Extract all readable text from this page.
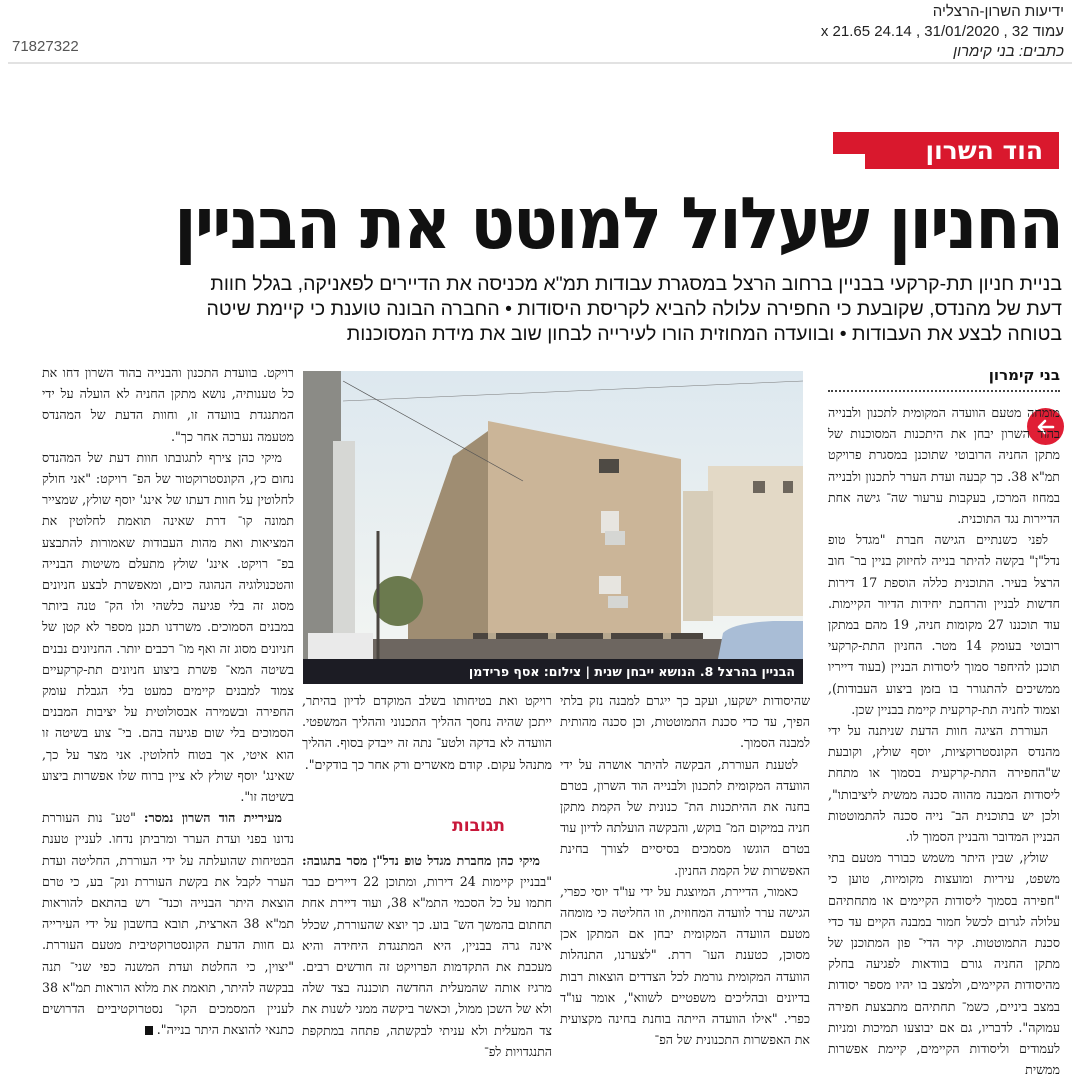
ידיעות השרון-הרצליה
עמוד 32 , 31/01/2020 , 24.14 x 21.65
כתבים: בני קימרון
71827322
הוד השרון
החניון שעלול למוטט את הבניין
בניית חניון תת-קרקעי בבניין ברחוב הרצל במסגרת עבודות תמ"א מכניסה את הדיירים לפאניקה, בגלל חוות דעת של מהנדס, שקובעת כי החפירה עלולה להביא לקריסת היסודות • החברה הבונה טוענת כי קיימת שיטה בטוחה לבצע את העבודות • ובוועדה המחוזית הורו לעירייה לבחון שוב את מידת המסוכנות
בני קימרון

מומחה מטעם הוועדה המקומית לתכנון ולבנייה בהוד השרון יבחן את היתכנות המסוכנות של מתקן החניה הרובוטי שתוכנן במסגרת פרויקט תמ"א 38. כך קבעה ועדת הערר לתכנון ולבנייה במחוז המרכז, בעקבות ערעור שה־ גישה אחת הדיירות נגד התוכנית.

לפני כשנתיים הגישה חברת "מגדל טופ נדל"ן" בקשה להיתר בנייה לחיזוק בניין בר־ חוב הרצל בעיר. התוכנית כללה הוספת 17 דירות חדשות לבניין והרחבת יחידות הדיור הקיימות. עוד תוכננו 27 מקומות חניה, 19 מהם במתקן רובוטי בעומק 14 מטר. החניון התת-קרקעי תוכנן להיחפר סמוך ליסודות הבניין (בעוד דייריו ממשיכים להתגורר בו בזמן ביצוע העבודות), וצמוד לחניה תת-קרקעית קיימת בבניין שכן.

העוררת הציגה חוות הדעת שניתנה על ידי מהנדס הקונסטרוקציות, יוסף שולץ, וקובעת ש"החפירה התת-קרקעית בסמוך או מתחת ליסודות המבנה מהווה סכנה ממשית ליציבותו", ולכן יש בתוכנית הב־ נייה סכנה להתמוטטות הבניין המדובר והבניין הסמוך לו.

שולץ, שבין היתר משמש כבורר מטעם בתי משפט, עיריות ומועצות מקומיות, טוען כי "חפירה בסמוך ליסודות הקיימים או מתחתיהם עלולה לגרום לכשל חמור במבנה הקיים עד כדי סכנת התמוטטות. קיר הדי־ פון המתוכנן של מתקן החניה גורם בוודאות לפגיעה בחלק מהיסודות הקיימים, ולמצב בו יהיו מספר יסודות במצב ביניים, כשמ־ תחתיהם מתבצעת חפירה עמוקה". לדבריו, גם אם יבוצעו תמיכות ומניות לעמודים וליסודות הקיימים, קיימת אפשרות ממשית

הבניין בהרצל 8. הנושא ייבחן שנית | צילום: אסף פרידמן

שהיסודות ישקעו, ועקב כך ייגרם למבנה נזק בלתי הפיך, עד כדי סכנת התמוטטות, וכן סכנה מהותית למבנה הסמוך.

לטענת העוררת, הבקשה להיתר אושרה על ידי הוועדה המקומית לתכנון ולבנייה הוד השרון, בטרם בחנה את ההיתכנות הת־ כנונית של הקמת מתקן חניה במיקום המ־ בוקש, והבקשה הועלתה לדיון עוד בטרם הוגשו מסמכים בסיסיים לצורך בחינת האפשרות של הקמת החניון.

כאמור, הדיירת, המיוצגת על ידי עו"ד יוסי כפרי, הגישה ערר לוועדה המחוזית, וזו החליטה כי מומחה מטעם הוועדה המקומית יבחן אם המתקן אכן מסוכן, כטענת העו־ ררת. "לצערנו, התנהלות הוועדה המקומית גורמת לכל הצדדים הוצאות רבות בדיונים ובהליכים משפטיים לשווא", אומר עו"ד כפרי. "אילו הוועדה הייתה בוחנת בחינה מקצועית את האפשרות התכנונית של הפ־

רויקט ואת בטיחותו בשלב המוקדם לדיון בהיתר, ייתכן שהיה נחסך ההליך התכנוני וההליך המשפטי. הוועדה לא בדקה ולטע־ נתה זה ייבדק בסוף. ההליך מתנהל עקום. קודם מאשרים ורק אחר כך בודקים".

תגובות

מיקי כהן מחברת מגדל טופ נדל"ן מסר בתגובה: "בבניין קיימות 24 דירות, ומתוכן 22 דיירים כבר חתמו על כל הסכמי התמ"א 38, ועוד דיירת אחת תחתום בהמשך הש־ בוע. כך יוצא שהעוררת, שכלל אינה גרה בבניין, היא המתנגדת היחידה והיא מעכבת את התקדמות הפרויקט זה חודשים רבים. מרגיז אותה שהמעלית החדשה תוכננה בצד שלה ולא של השכן ממול, וכאשר ביקשה ממני לשנות את צד המעלית ולא עניתי לבקשתה, פתחה במתקפת התנגדויות לפ־

רויקט. בוועדת התכנון והבנייה בהוד השרון דחו את כל טענותיה, נושא מתקן החניה לא הועלה על ידי המתנגדת בוועדה זו, וחוות הדעת של המהנדס מטעמה נערכה אחר כך".

מיקי כהן צירף לתגובתו חוות דעת של המהנדס נחום כץ, הקונסטרוקטור של הפ־ רויקט: "אני חולק לחלוטין על חוות דעתו של אינג' יוסף שולץ, שמצייר תמונה קו־ דרת שאינה תואמת לחלוטין את המציאות ואת מהות העבודות שאמורות להתבצע בפ־ רויקט. אינג' שולץ מתעלם משיטות הבנייה והטכנולוגיה הנהוגה כיום, ומאפשרת לבצע חניונים מסוג זה בלי פגיעה כלשהי ולו הק־ טנה ביותר במבנים הסמוכים. משרדנו תכנן מספר לא קטן של חניונים מסוג זה ואף מו־ רכבים יותר. החניונים נבנים בשיטה המא־ פשרת ביצוע חניונים תת-קרקעיים צמוד למבנים קיימים כמעט בלי הגבלת עומק החפירה ובשמירה אבסולוטית על יציבות המבנים הסמוכים בלי שום פגיעה בהם. בי־ צוע בשיטה זו הוא איטי, אך בטוח לחלוטין. אני מצר על כך, שאינג' יוסף שולץ לא ציין ברוח שלו אפשרות ביצוע בשיטה זו".

מעיריית הוד השרון נמסר: "טע־ נות העוררת נדונו בפני ועדת הערר ומרביתן נדחו. לעניין טענת הבטיחות שהועלתה על ידי העוררת, החליטה ועדת הערר לקבל את בקשת העוררת ונק־ בע, כי טרם הוצאת היתר הבנייה וכנד־ רש בהתאם להוראות תמ"א 38 הארצית, תובא בחשבון על ידי העירייה גם חוות הדעת הקונסטרוקטיבית מטעם העוררת. "יצוין, כי החלטת ועדת המשנה כפי שני־ תנה בבקשה להיתר, תואמת את מלוא הוראות תמ"א 38 לעניין המסמכים הקו־ נסטרוקטיביים הדרושים כתנאי להוצאת היתר בנייה".
